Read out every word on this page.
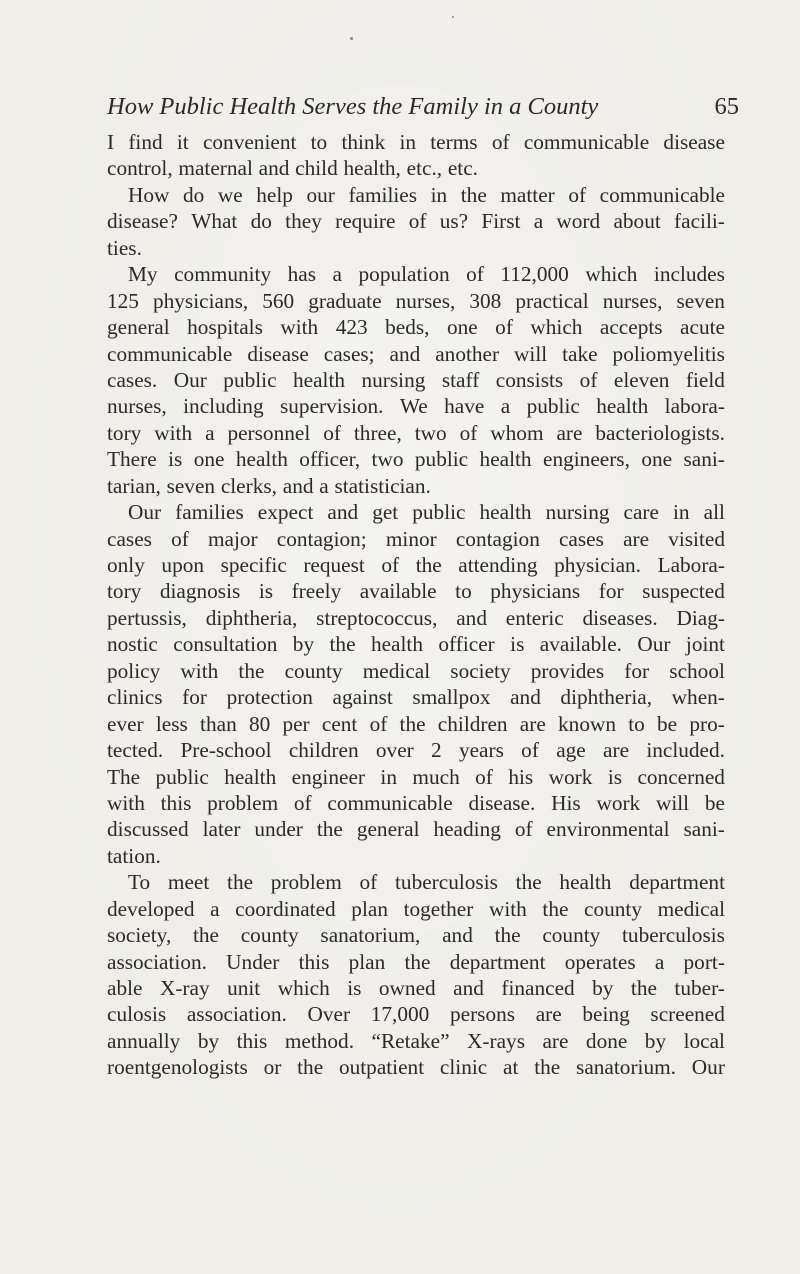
How Public Health Serves the Family in a County	65
I find it convenient to think in terms of communicable disease
control, maternal and child health, etc., etc.
How do we help our families in the matter of communicable
disease? What do they require of us? First a word about facili-
ties.
My community has a population of 112,000 which includes
125 physicians, 560 graduate nurses, 308 practical nurses, seven
general hospitals with 423 beds, one of which accepts acute
communicable disease cases; and another will take poliomyelitis
cases. Our public health nursing staff consists of eleven field
nurses, including supervision. We have a public health labora-
tory with a personnel of three, two of whom are bacteriologists.
There is one health officer, two public health engineers, one sani-
tarian, seven clerks, and a statistician.
Our families expect and get public health nursing care in all
cases of major contagion; minor contagion cases are visited
only upon specific request of the attending physician. Labora-
tory diagnosis is freely available to physicians for suspected
pertussis, diphtheria, streptococcus, and enteric diseases. Diag-
nostic consultation by the health officer is available. Our joint
policy with the county medical society provides for school
clinics for protection against smallpox and diphtheria, when-
ever less than 80 per cent of the children are known to be pro-
tected. Pre-school children over 2 years of age are included.
The public health engineer in much of his work is concerned
with this problem of communicable disease. His work will be
discussed later under the general heading of environmental sani-
tation.
To meet the problem of tuberculosis the health department
developed a coordinated plan together with the county medical
society, the county sanatorium, and the county tuberculosis
association. Under this plan the department operates a port-
able X-ray unit which is owned and financed by the tuber-
culosis association. Over 17,000 persons are being screened
annually by this method. “Retake” X-rays are done by local
roentgenologists or the outpatient clinic at the sanatorium. Our
